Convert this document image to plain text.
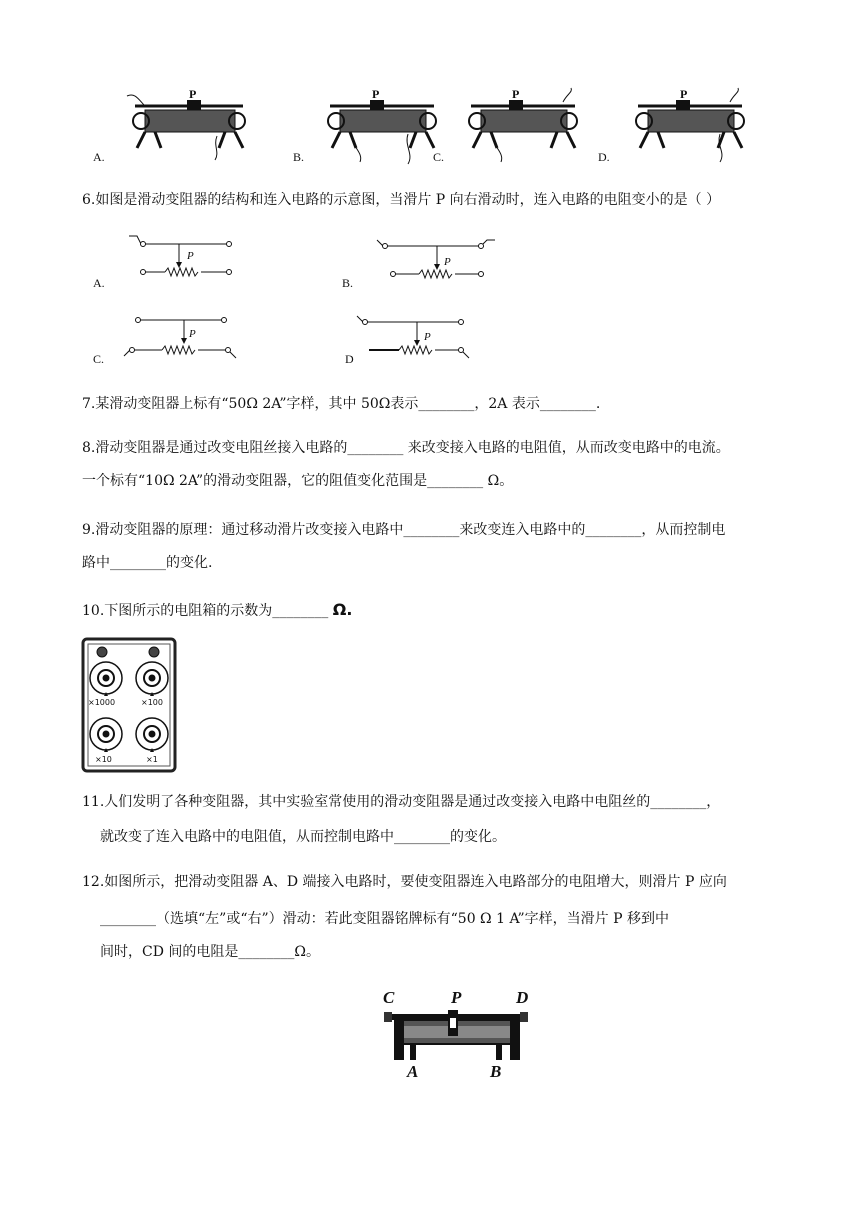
P
A.
P
B.
P
C.
P
D.
6.如图是滑动变阻器的结构和连入电路的示意图，当滑片 P 向右滑动时，连入电路的电阻变小的是（ ）
P
A.
P
B.
P
C.
P
D
7.某滑动变阻器上标有“50Ω 2A”字样，其中 50Ω表示________，2A 表示________.
8.滑动变阻器是通过改变电阻丝接入电路的________ 来改变接入电路的电阻值，从而改变电路中的电流。
一个标有“10Ω 2A”的滑动变阻器，它的阻值变化范围是________ Ω。
9.滑动变阻器的原理：通过移动滑片改变接入电路中________来改变连入电路中的________，从而控制电
路中________的变化.
10.下图所示的电阻箱的示数为________ Ω.
×1000	×100
×10	×1
11.人们发明了各种变阻器，其中实验室常使用的滑动变阻器是通过改变接入电路中电阻丝的________，
就改变了连入电路中的电阻值，从而控制电路中________的变化。
12.如图所示，把滑动变阻器 A、D 端接入电路时，要使变阻器连入电路部分的电阻增大，则滑片 P 应向
________（选填“左”或“右”）滑动：若此变阻器铭牌标有“50 Ω 1 A”字样，当滑片 P 移到中
间时，CD 间的电阻是________Ω。
C	P	D
A	B
